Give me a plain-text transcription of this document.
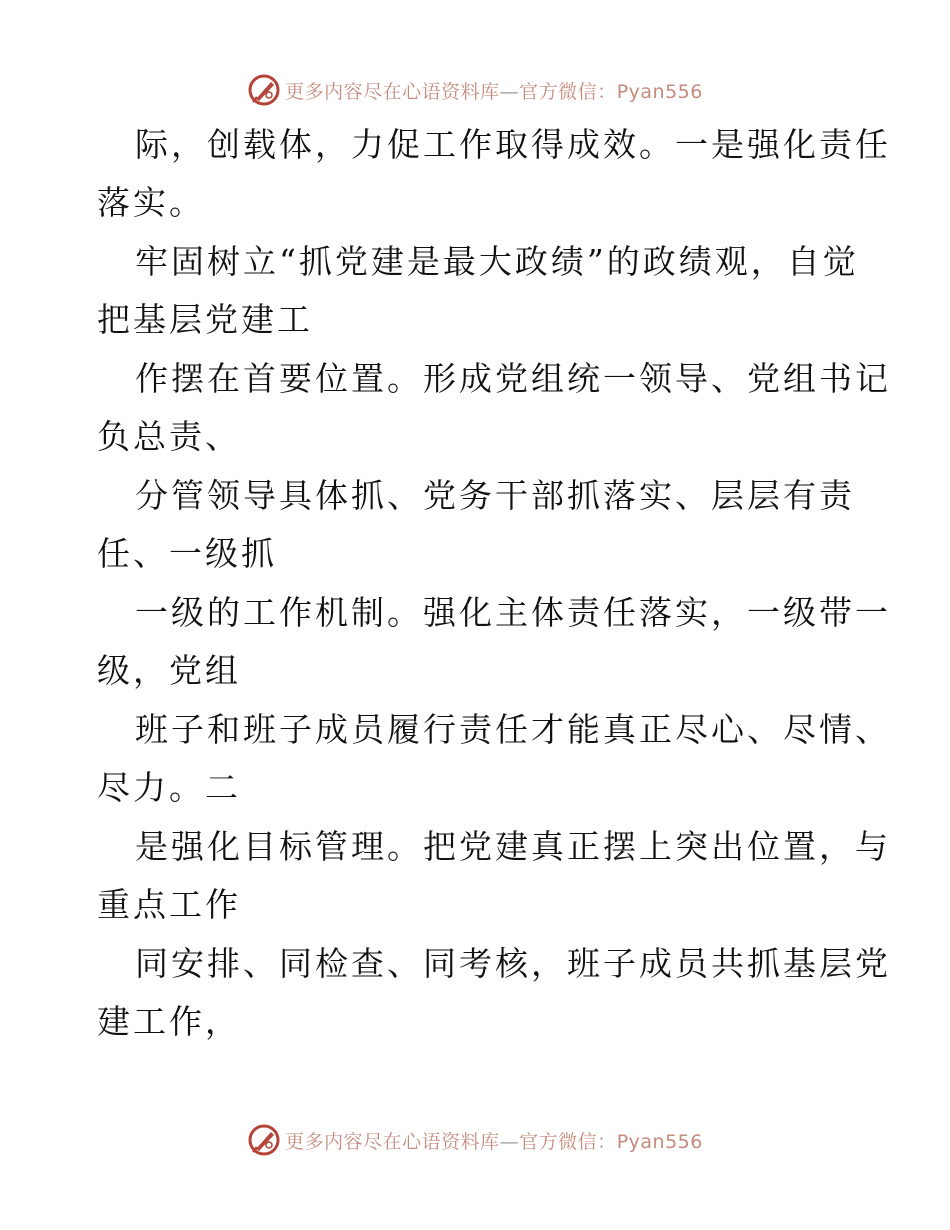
更多内容尽在心语资料库—官方微信：Pyan556
际，创载体，力促工作取得成效。一是强化责任
落实。
牢固树立“抓党建是最大政绩”的政绩观，自觉
把基层党建工
作摆在首要位置。形成党组统一领导、党组书记
负总责、
分管领导具体抓、党务干部抓落实、层层有责
任、一级抓
一级的工作机制。强化主体责任落实，一级带一
级，党组
班子和班子成员履行责任才能真正尽心、尽情、
尽力。二
是强化目标管理。把党建真正摆上突出位置，与
重点工作
同安排、同检查、同考核，班子成员共抓基层党
建工作，
更多内容尽在心语资料库—官方微信：Pyan556
